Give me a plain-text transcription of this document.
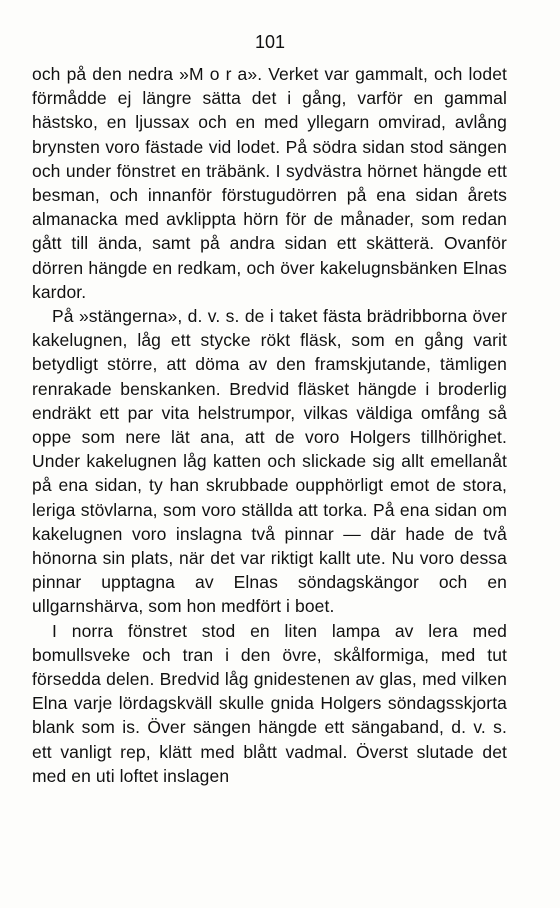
101

och på den nedra »M o r a». Verket var gammalt, och lodet förmådde ej längre sätta det i gång, varför en gammal hästsko, en ljussax och en med yllegarn omvirad, avlång brynsten voro fästade vid lodet. På södra sidan stod sängen och under fönstret en träbänk. I sydvästra hörnet hängde ett besman, och innanför förstugudörren på ena sidan årets almanacka med avklippta hörn för de månader, som redan gått till ända, samt på andra sidan ett skätterä. Ovanför dörren hängde en redkam, och över kakelugnsbänken Elnas kardor.

På »stängerna», d. v. s. de i taket fästa brädribborna över kakelugnen, låg ett stycke rökt fläsk, som en gång varit betydligt större, att döma av den framskjutande, tämligen renrakade benskanken. Bredvid fläsket hängde i broderlig endräkt ett par vita helstrumpor, vilkas väldiga omfång så oppe som nere lät ana, att de voro Holgers tillhörighet. Under kakelugnen låg katten och slickade sig allt emellanåt på ena sidan, ty han skrubbade oupphörligt emot de stora, leriga stövlarna, som voro ställda att torka. På ena sidan om kakelugnen voro inslagna två pinnar — där hade de två hönorna sin plats, när det var riktigt kallt ute. Nu voro dessa pinnar upptagna av Elnas söndagskängor och en ullgarnshärva, som hon medfört i boet.

I norra fönstret stod en liten lampa av lera med bomullsveke och tran i den övre, skålformiga, med tut försedda delen. Bredvid låg gnidestenen av glas, med vilken Elna varje lördagskväll skulle gnida Holgers söndagsskjorta blank som is. Över sängen hängde ett sängaband, d. v. s. ett vanligt rep, klätt med blått vadmal. Överst slutade det med en uti loftet inslagen
